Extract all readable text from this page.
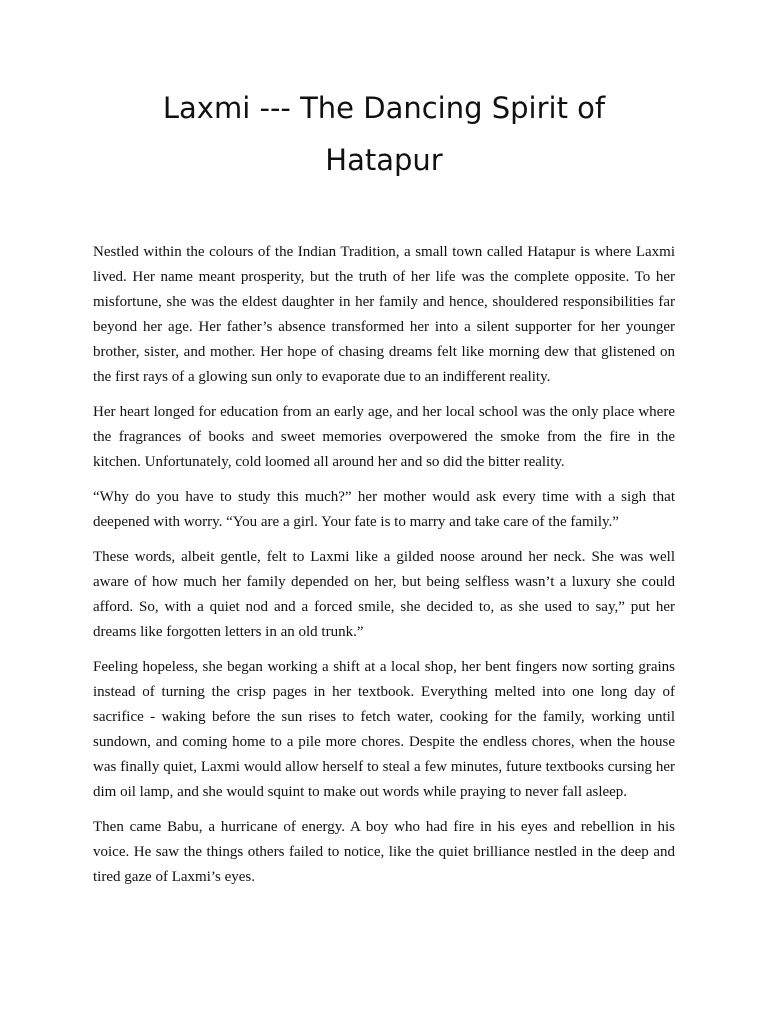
Laxmi --- The Dancing Spirit of Hatapur

Nestled within the colours of the Indian Tradition, a small town called Hatapur is where Laxmi lived. Her name meant prosperity, but the truth of her life was the complete opposite. To her misfortune, she was the eldest daughter in her family and hence, shouldered responsibilities far beyond her age. Her father’s absence transformed her into a silent supporter for her younger brother, sister, and mother. Her hope of chasing dreams felt like morning dew that glistened on the first rays of a glowing sun only to evaporate due to an indifferent reality.

Her heart longed for education from an early age, and her local school was the only place where the fragrances of books and sweet memories overpowered the smoke from the fire in the kitchen. Unfortunately, cold loomed all around her and so did the bitter reality.

“Why do you have to study this much?” her mother would ask every time with a sigh that deepened with worry. “You are a girl. Your fate is to marry and take care of the family.”

These words, albeit gentle, felt to Laxmi like a gilded noose around her neck. She was well aware of how much her family depended on her, but being selfless wasn’t a luxury she could afford. So, with a quiet nod and a forced smile, she decided to, as she used to say,” put her dreams like forgotten letters in an old trunk.”

Feeling hopeless, she began working a shift at a local shop, her bent fingers now sorting grains instead of turning the crisp pages in her textbook. Everything melted into one long day of sacrifice - waking before the sun rises to fetch water, cooking for the family, working until sundown, and coming home to a pile more chores. Despite the endless chores, when the house was finally quiet, Laxmi would allow herself to steal a few minutes, future textbooks cursing her dim oil lamp, and she would squint to make out words while praying to never fall asleep.

Then came Babu, a hurricane of energy. A boy who had fire in his eyes and rebellion in his voice. He saw the things others failed to notice, like the quiet brilliance nestled in the deep and tired gaze of Laxmi’s eyes.
